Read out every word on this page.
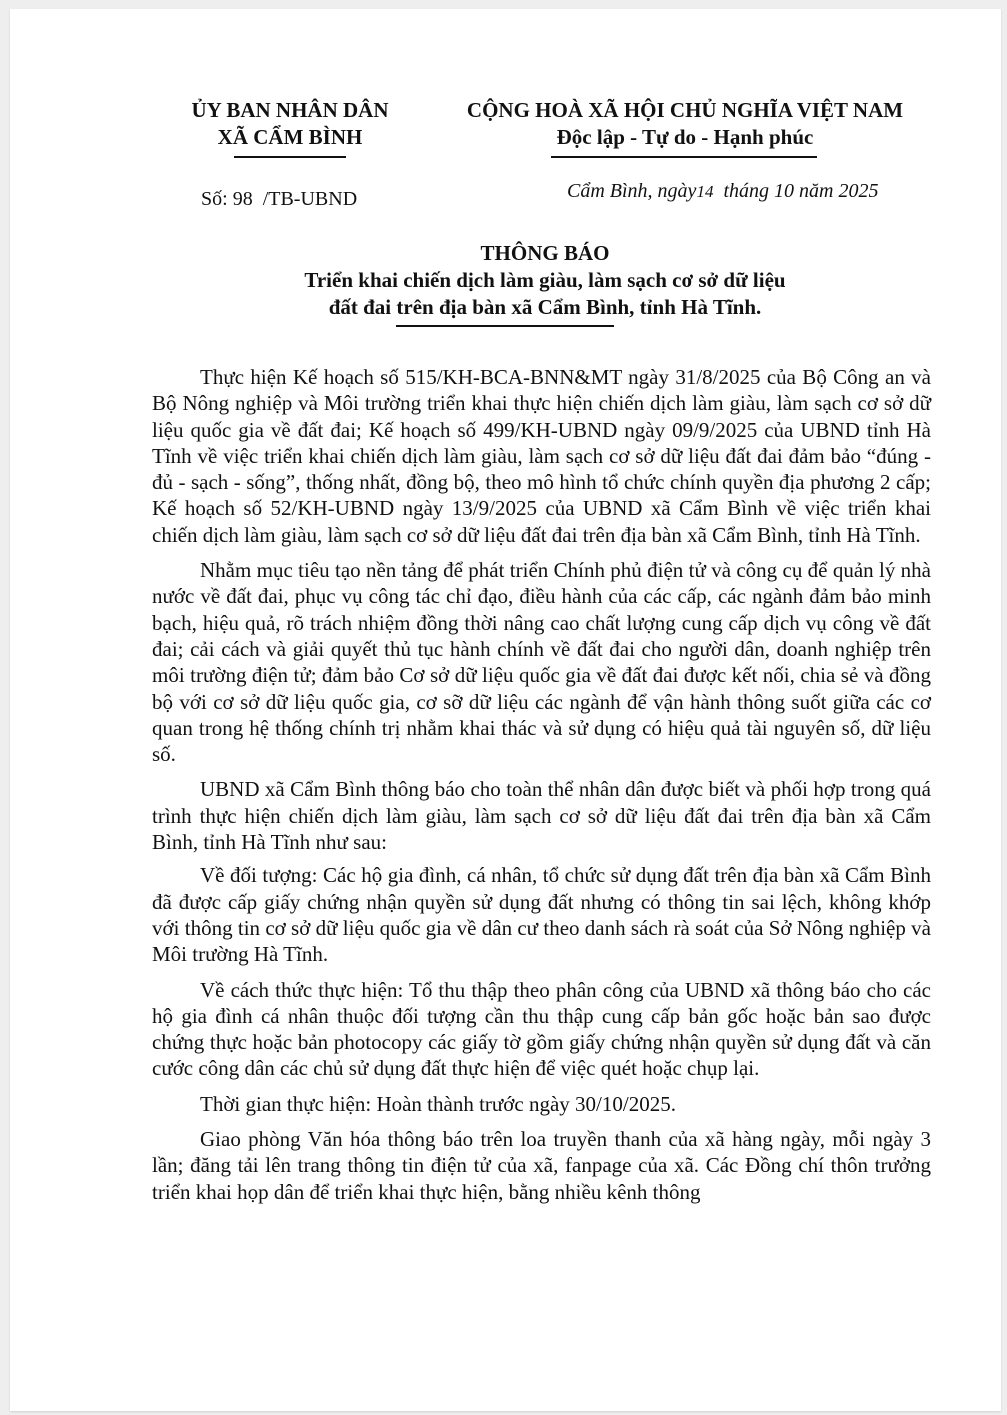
ỦY BAN NHÂN DÂN
XÃ CẨM BÌNH
CỘNG HOÀ XÃ HỘI CHỦ NGHĨA VIỆT NAM
Độc lập - Tự do - Hạnh phúc
Số: 98 /TB-UBND	Cẩm Bình, ngày14 tháng 10 năm 2025
THÔNG BÁO
Triển khai chiến dịch làm giàu, làm sạch cơ sở dữ liệu
đất đai trên địa bàn xã Cẩm Bình, tỉnh Hà Tĩnh.

Thực hiện Kế hoạch số 515/KH-BCA-BNN&MT ngày 31/8/2025 của Bộ Công an và Bộ Nông nghiệp và Môi trường triển khai thực hiện chiến dịch làm giàu, làm sạch cơ sở dữ liệu quốc gia về đất đai; Kế hoạch số 499/KH-UBND ngày 09/9/2025 của UBND tỉnh Hà Tĩnh về việc triển khai chiến dịch làm giàu, làm sạch cơ sở dữ liệu đất đai đảm bảo “đúng - đủ - sạch - sống”, thống nhất, đồng bộ, theo mô hình tổ chức chính quyền địa phương 2 cấp; Kế hoạch số 52/KH-UBND ngày 13/9/2025 của UBND xã Cẩm Bình về việc triển khai chiến dịch làm giàu, làm sạch cơ sở dữ liệu đất đai trên địa bàn xã Cẩm Bình, tỉnh Hà Tĩnh.

Nhằm mục tiêu tạo nền tảng để phát triển Chính phủ điện tử và công cụ để quản lý nhà nước về đất đai, phục vụ công tác chỉ đạo, điều hành của các cấp, các ngành đảm bảo minh bạch, hiệu quả, rõ trách nhiệm đồng thời nâng cao chất lượng cung cấp dịch vụ công về đất đai; cải cách và giải quyết thủ tục hành chính về đất đai cho người dân, doanh nghiệp trên môi trường điện tử; đảm bảo Cơ sở dữ liệu quốc gia về đất đai được kết nối, chia sẻ và đồng bộ với cơ sở dữ liệu quốc gia, cơ sỡ dữ liệu các ngành để vận hành thông suốt giữa các cơ quan trong hệ thống chính trị nhằm khai thác và sử dụng có hiệu quả tài nguyên số, dữ liệu số.

UBND xã Cẩm Bình thông báo cho toàn thể nhân dân được biết và phối hợp trong quá trình thực hiện chiến dịch làm giàu, làm sạch cơ sở dữ liệu đất đai trên địa bàn xã Cẩm Bình, tỉnh Hà Tĩnh như sau:

Về đối tượng: Các hộ gia đình, cá nhân, tổ chức sử dụng đất trên địa bàn xã Cẩm Bình đã được cấp giấy chứng nhận quyền sử dụng đất nhưng có thông tin sai lệch, không khớp với thông tin cơ sở dữ liệu quốc gia về dân cư theo danh sách rà soát của Sở Nông nghiệp và Môi trường Hà Tĩnh.

Về cách thức thực hiện: Tổ thu thập theo phân công của UBND xã thông báo cho các hộ gia đình cá nhân thuộc đối tượng cần thu thập cung cấp bản gốc hoặc bản sao được chứng thực hoặc bản photocopy các giấy tờ gồm giấy chứng nhận quyền sử dụng đất và căn cước công dân các chủ sử dụng đất thực hiện để việc quét hoặc chụp lại.

Thời gian thực hiện: Hoàn thành trước ngày 30/10/2025.

Giao phòng Văn hóa thông báo trên loa truyền thanh của xã hàng ngày, mỗi ngày 3 lần; đăng tải lên trang thông tin điện tử của xã, fanpage của xã. Các Đồng chí thôn trưởng triển khai họp dân để triển khai thực hiện, bằng nhiều kênh thông
